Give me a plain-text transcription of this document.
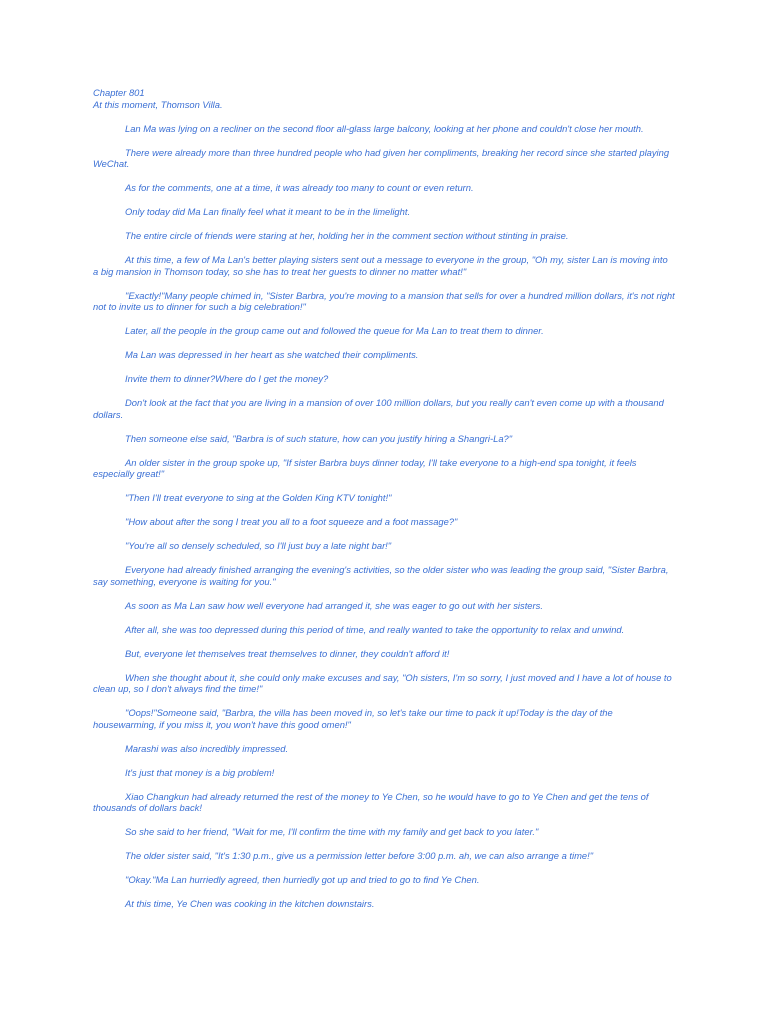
Chapter 801

At this moment, Thomson Villa.

Lan Ma was lying on a recliner on the second floor all-glass large balcony, looking at her phone and couldn't close her mouth.

There were already more than three hundred people who had given her compliments, breaking her record since she started playing WeChat.

As for the comments, one at a time, it was already too many to count or even return.

Only today did Ma Lan finally feel what it meant to be in the limelight.

The entire circle of friends were staring at her, holding her in the comment section without stinting in praise.

At this time, a few of Ma Lan's better playing sisters sent out a message to everyone in the group, "Oh my, sister Lan is moving into a big mansion in Thomson today, so she has to treat her guests to dinner no matter what!"

"Exactly!"Many people chimed in, "Sister Barbra, you're moving to a mansion that sells for over a hundred million dollars, it's not right not to invite us to dinner for such a big celebration!"

Later, all the people in the group came out and followed the queue for Ma Lan to treat them to dinner.

Ma Lan was depressed in her heart as she watched their compliments.

Invite them to dinner?Where do I get the money?

Don't look at the fact that you are living in a mansion of over 100 million dollars, but you really can't even come up with a thousand dollars.

Then someone else said, "Barbra is of such stature, how can you justify hiring a Shangri-La?"

An older sister in the group spoke up, "If sister Barbra buys dinner today, I'll take everyone to a high-end spa tonight, it feels especially great!"

"Then I'll treat everyone to sing at the Golden King KTV tonight!"

"How about after the song I treat you all to a foot squeeze and a foot massage?"

"You're all so densely scheduled, so I'll just buy a late night bar!"

Everyone had already finished arranging the evening's activities, so the older sister who was leading the group said, "Sister Barbra, say something, everyone is waiting for you."

As soon as Ma Lan saw how well everyone had arranged it, she was eager to go out with her sisters.

After all, she was too depressed during this period of time, and really wanted to take the opportunity to relax and unwind.

But, everyone let themselves treat themselves to dinner, they couldn't afford it!

When she thought about it, she could only make excuses and say, "Oh sisters, I'm so sorry, I just moved and I have a lot of house to clean up, so I don't always find the time!"

"Oops!"Someone said, "Barbra, the villa has been moved in, so let's take our time to pack it up!Today is the day of the housewarming, if you miss it, you won't have this good omen!"

Marashi was also incredibly impressed.

It's just that money is a big problem!

Xiao Changkun had already returned the rest of the money to Ye Chen, so he would have to go to Ye Chen and get the tens of thousands of dollars back!

So she said to her friend, "Wait for me, I'll confirm the time with my family and get back to you later."

The older sister said, "It's 1:30 p.m., give us a permission letter before 3:00 p.m. ah, we can also arrange a time!"

"Okay."Ma Lan hurriedly agreed, then hurriedly got up and tried to go to find Ye Chen.

At this time, Ye Chen was cooking in the kitchen downstairs.
